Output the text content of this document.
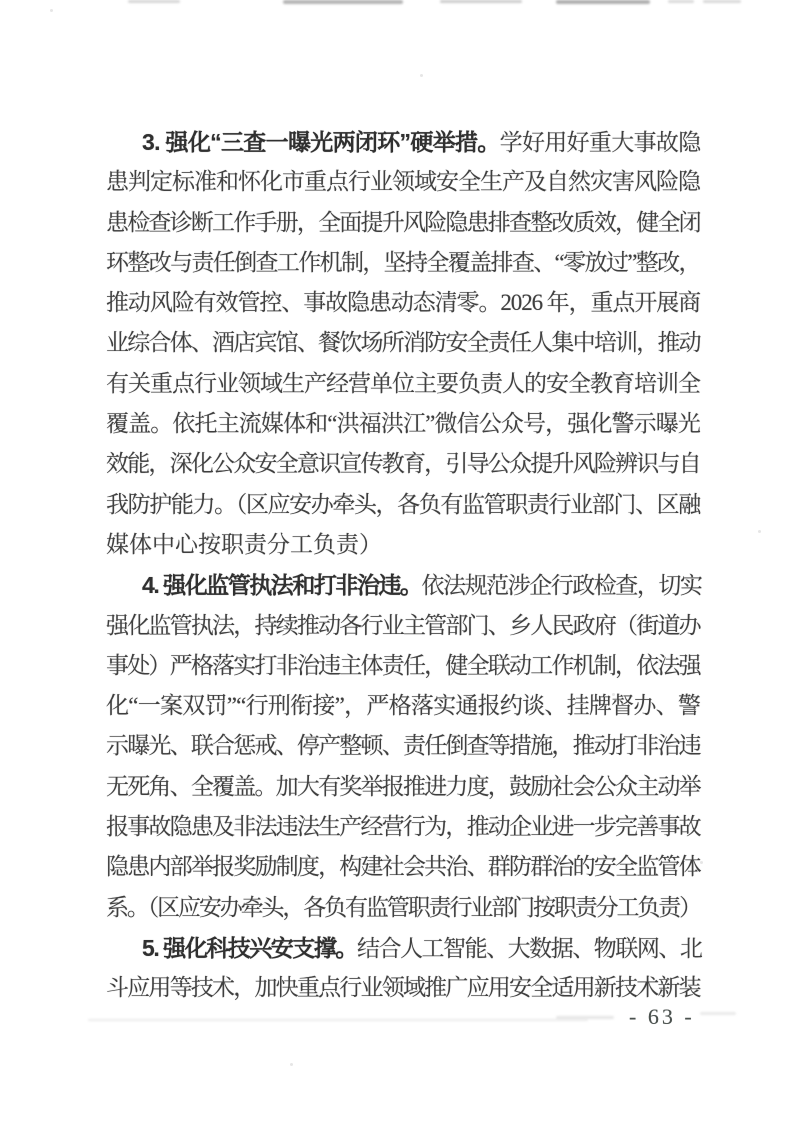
3. 强化“三查一曝光两闭环”硬举措。学好用好重大事故隐
患判定标准和怀化市重点行业领域安全生产及自然灾害风险隐
患检查诊断工作手册，全面提升风险隐患排查整改质效，健全闭
环整改与责任倒查工作机制，坚持全覆盖排查、“零放过”整改，
推动风险有效管控、事故隐患动态清零。2026 年，重点开展商
业综合体、酒店宾馆、餐饮场所消防安全责任人集中培训，推动
有关重点行业领域生产经营单位主要负责人的安全教育培训全
覆盖。依托主流媒体和“洪福洪江”微信公众号，强化警示曝光
效能，深化公众安全意识宣传教育，引导公众提升风险辨识与自
我防护能力。（区应安办牵头，各负有监管职责行业部门、区融
媒体中心按职责分工负责）
4. 强化监管执法和打非治违。依法规范涉企行政检查，切实
强化监管执法，持续推动各行业主管部门、乡人民政府（街道办
事处）严格落实打非治违主体责任，健全联动工作机制，依法强
化“一案双罚”“行刑衔接”，严格落实通报约谈、挂牌督办、警
示曝光、联合惩戒、停产整顿、责任倒查等措施，推动打非治违
无死角、全覆盖。加大有奖举报推进力度，鼓励社会公众主动举
报事故隐患及非法违法生产经营行为，推动企业进一步完善事故
隐患内部举报奖励制度，构建社会共治、群防群治的安全监管体
系。（区应安办牵头，各负有监管职责行业部门按职责分工负责）
5. 强化科技兴安支撑。结合人工智能、大数据、物联网、北
斗应用等技术，加快重点行业领域推广应用安全适用新技术新装
- 63 -
